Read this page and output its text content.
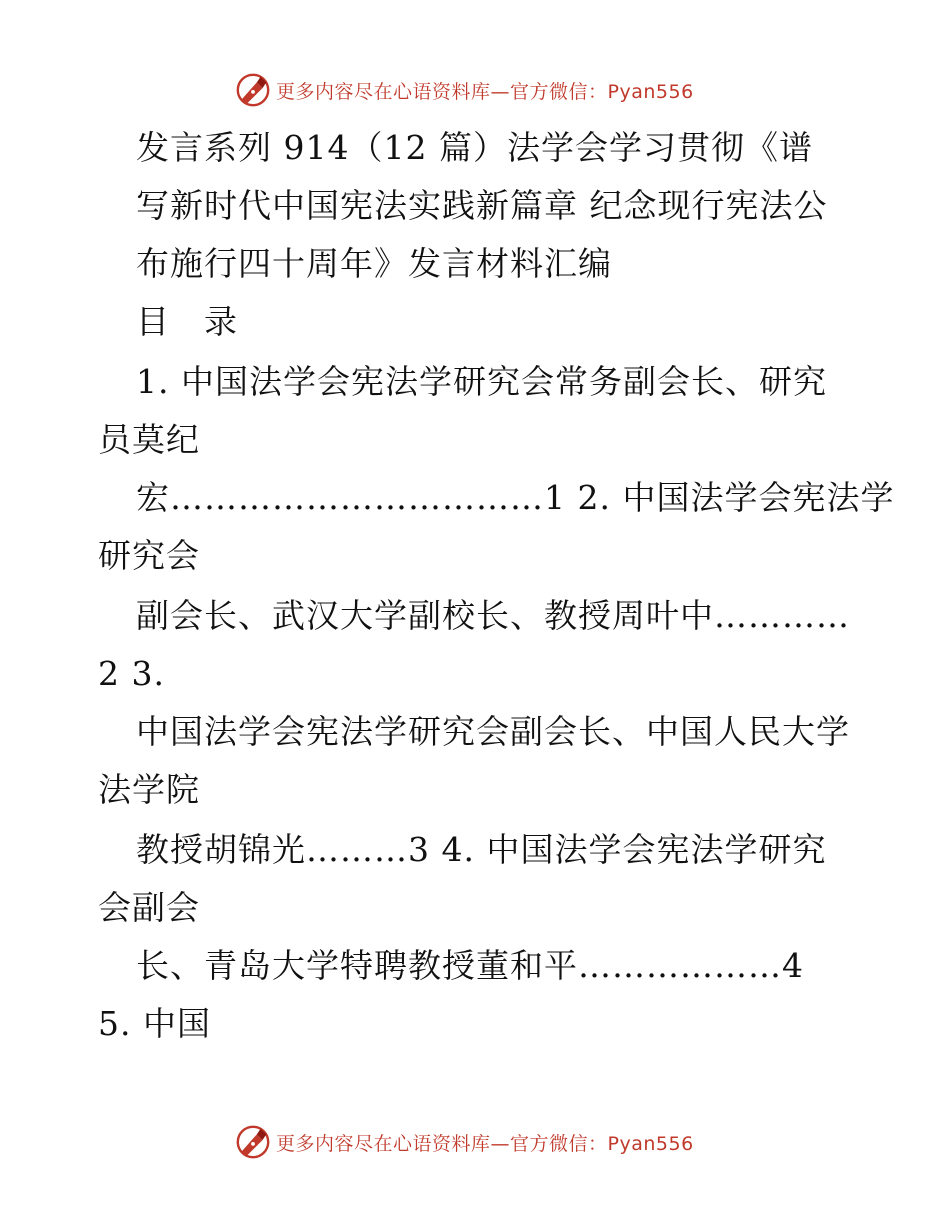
更多内容尽在心语资料库—官方微信：Pyan556
发言系列 914（12 篇）法学会学习贯彻《谱
写新时代中国宪法实践新篇章 纪念现行宪法公
布施行四十周年》发言材料汇编
目　录
1. 中国法学会宪法学研究会常务副会长、研究
员莫纪
宏……………………………1 2. 中国法学会宪法学
研究会
副会长、武汉大学副校长、教授周叶中…………
2 3.
中国法学会宪法学研究会副会长、中国人民大学
法学院
教授胡锦光………3 4. 中国法学会宪法学研究
会副会
长、青岛大学特聘教授董和平………………4
5. 中国
更多内容尽在心语资料库—官方微信：Pyan556
